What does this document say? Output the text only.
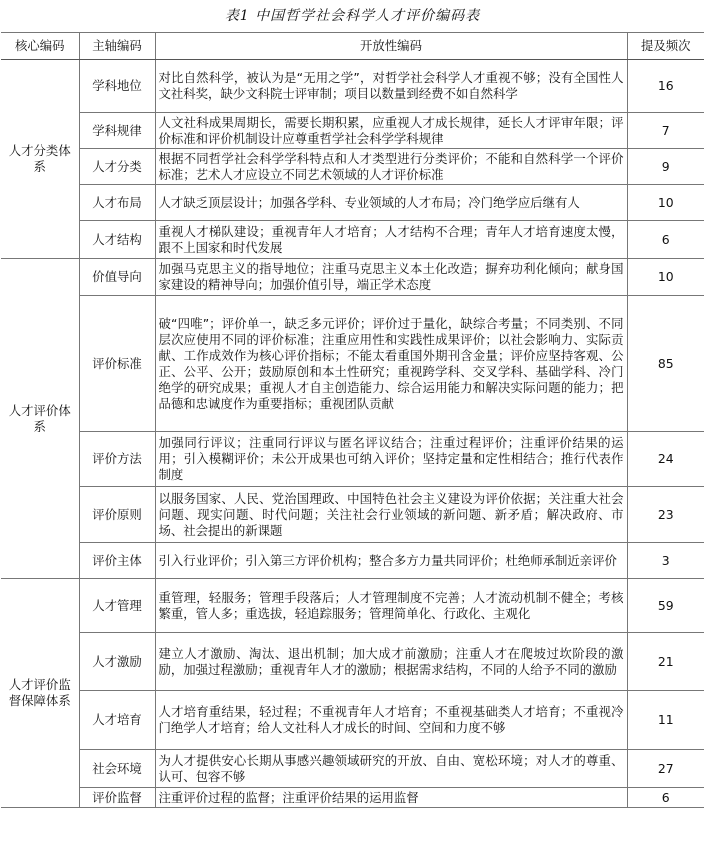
表1 中国哲学社会科学人才评价编码表
核心编码	主轴编码	开放性编码	提及频次
人才分类体系	学科地位	对比自然科学，被认为是“无用之学”，对哲学社会科学人才重视不够；没有全国性人文社科奖，缺少文科院士评审制；项目以数量到经费不如自然科学	16
	学科规律	人文社科成果周期长，需要长期积累，应重视人才成长规律，延长人才评审年限；评价标准和评价机制设计应尊重哲学社会科学学科规律	7
	人才分类	根据不同哲学社会科学学科特点和人才类型进行分类评价；不能和自然科学一个评价标准；艺术人才应设立不同艺术领域的人才评价标准	9
	人才布局	人才缺乏顶层设计；加强各学科、专业领域的人才布局；冷门绝学应后继有人	10
	人才结构	重视人才梯队建设；重视青年人才培育；人才结构不合理；青年人才培育速度太慢，跟不上国家和时代发展	6
人才评价体系	价值导向	加强马克思主义的指导地位；注重马克思主义本土化改造；摒弃功利化倾向；献身国家建设的精神导向；加强价值引导，端正学术态度	10
	评价标准	破“四唯”；评价单一，缺乏多元评价；评价过于量化，缺综合考量；不同类别、不同层次应使用不同的评价标准；注重应用性和实践性成果评价；以社会影响力、实际贡献、工作成效作为核心评价指标；不能太看重国外期刊含金量；评价应坚持客观、公正、公平、公开；鼓励原创和本土性研究；重视跨学科、交叉学科、基础学科、冷门绝学的研究成果；重视人才自主创造能力、综合运用能力和解决实际问题的能力；把品德和忠诚度作为重要指标；重视团队贡献	85
	评价方法	加强同行评议；注重同行评议与匿名评议结合；注重过程评价；注重评价结果的运用；引入模糊评价；未公开成果也可纳入评价；坚持定量和定性相结合；推行代表作制度	24
	评价原则	以服务国家、人民、党治国理政、中国特色社会主义建设为评价依据；关注重大社会问题、现实问题、时代问题；关注社会行业领域的新问题、新矛盾；解决政府、市场、社会提出的新课题	23
	评价主体	引入行业评价；引入第三方评价机构；整合多方力量共同评价；杜绝师承制近亲评价	3
人才评价监督保障体系	人才管理	重管理，轻服务；管理手段落后；人才管理制度不完善；人才流动机制不健全；考核繁重，管人多；重选拔，轻追踪服务；管理简单化、行政化、主观化	59
	人才激励	建立人才激励、淘汰、退出机制；加大成才前激励；注重人才在爬坡过坎阶段的激励，加强过程激励；重视青年人才的激励；根据需求结构，不同的人给予不同的激励	21
	人才培育	人才培育重结果，轻过程；不重视青年人才培育；不重视基础类人才培育；不重视冷门绝学人才培育；给人文社科人才成长的时间、空间和力度不够	11
	社会环境	为人才提供安心长期从事感兴趣领域研究的开放、自由、宽松环境；对人才的尊重、认可、包容不够	27
	评价监督	注重评价过程的监督；注重评价结果的运用监督	6
